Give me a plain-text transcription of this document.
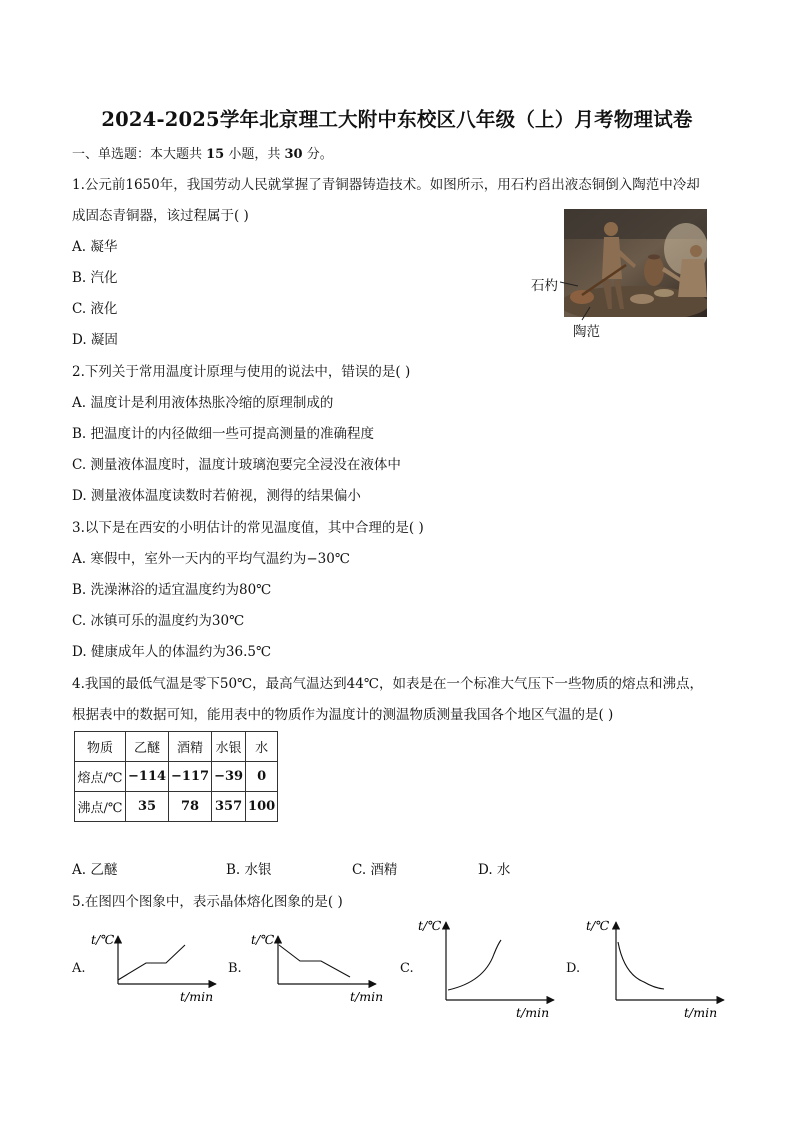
2024-2025学年北京理工大附中东校区八年级（上）月考物理试卷
一、单选题：本大题共 15 小题，共 30 分。
1.公元前1650年，我国劳动人民就掌握了青铜器铸造技术。如图所示，用石杓舀出液态铜倒入陶范中冷却
成固态青铜器，该过程属于( )
A. 凝华
B. 汽化
C. 液化
D. 凝固
石杓
陶范
2.下列关于常用温度计原理与使用的说法中，错误的是( )
A. 温度计是利用液体热胀冷缩的原理制成的
B. 把温度计的内径做细一些可提高测量的准确程度
C. 测量液体温度时，温度计玻璃泡要完全浸没在液体中
D. 测量液体温度读数时若俯视，测得的结果偏小
3.以下是在西安的小明估计的常见温度值，其中合理的是( )
A. 寒假中，室外一天内的平均气温约为−30℃
B. 洗澡淋浴的适宜温度约为80℃
C. 冰镇可乐的温度约为30℃
D. 健康成年人的体温约为36.5℃
4.我国的最低气温是零下50℃，最高气温达到44℃，如表是在一个标准大气压下一些物质的熔点和沸点，
根据表中的数据可知，能用表中的物质作为温度计的测温物质测量我国各个地区气温的是( )
物质	乙醚	酒精	水银	水
熔点/℃	−114	−117	−39	0
沸点/℃	35	78	357	100
A. 乙醚	B. 水银	C. 酒精	D. 水
5.在图四个图象中，表示晶体熔化图象的是( )
A.
t/℃
t/min
B.
t/℃
t/min
C.
t/℃
t/min
D.
t/℃
t/min
